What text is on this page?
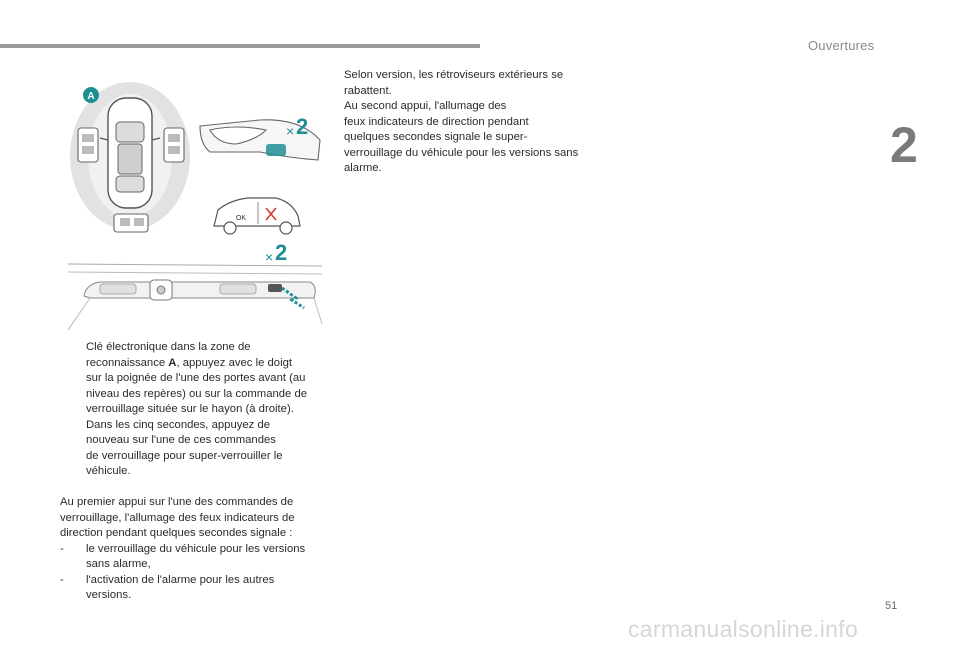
Ouvertures
2
A
× 2
OK
× 2

Selon version, les rétroviseurs extérieurs se

rabattent.

Au second appui, l'allumage des

feux indicateurs de direction pendant

quelques secondes signale le super-

verrouillage du véhicule pour les versions sans

alarme.

Clé électronique dans la zone de
reconnaissance A, appuyez avec le doigt
sur la poignée de l'une des portes avant (au
niveau des repères) ou sur la commande de
verrouillage située sur le hayon (à droite).
Dans les cinq secondes, appuyez de
nouveau sur l'une de ces commandes
de verrouillage pour super-verrouiller le
véhicule.

Au premier appui sur l'une des commandes de

verrouillage, l'allumage des feux indicateurs de

direction pendant quelques secondes signale :

- le verrouillage du véhicule pour les versions
sans alarme,
- l'activation de l'alarme pour les autres
versions.
51
carmanualsonline.info
